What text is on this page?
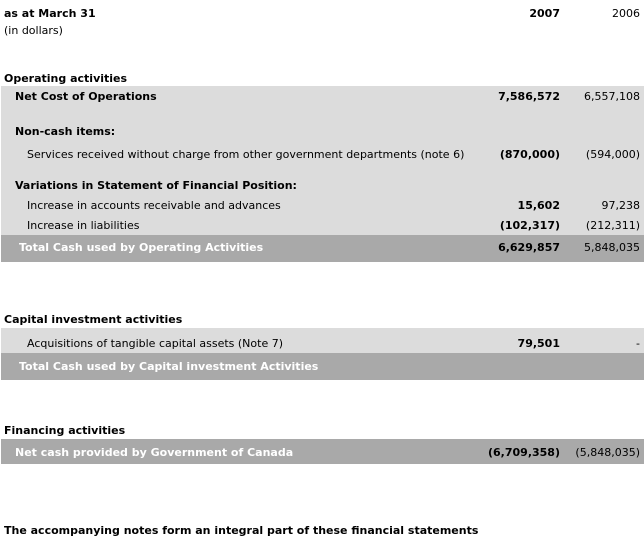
as at March 31
(in dollars)
2007	2006
Operating activities
Net Cost of Operations	7,586,572 6,557,108
Non-cash items:
Services received without charge from other government departments (note 6)	(870,000) (594,000)
Variations in Statement of Financial Position:
Increase in accounts receivable and advances	15,602	97,238
Increase in liabilities	(102,317) (212,311)
Total Cash used by Operating Activities	6,629,857 5,848,035
Capital investment activities
Acquisitions of tangible capital assets (Note 7)	79,501	-
Total Cash used by Capital investment Activities
Financing activities
Net cash provided by Government of Canada	(6,709,358) (5,848,035)
The accompanying notes form an integral part of these financial statements
